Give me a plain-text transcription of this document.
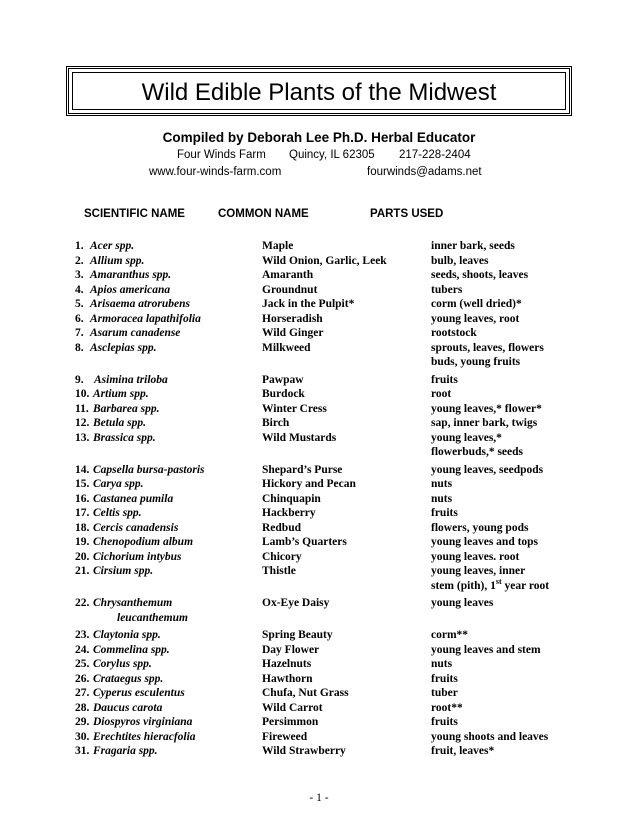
Wild Edible Plants of the Midwest
Compiled by Deborah Lee Ph.D. Herbal Educator
Four Winds Farm Quincy, IL 62305 217-228-2404
www.four-winds-farm.com	fourwinds@adams.net
SCIENTIFIC NAME	COMMON NAME	PARTS USED
1. Acer spp.	Maple	inner bark, seeds
2. Allium spp.	Wild Onion, Garlic, Leek	bulb, leaves
3. Amaranthus spp.	Amaranth	seeds, shoots, leaves
4. Apios americana	Groundnut	tubers
5. Arisaema atrorubens	Jack in the Pulpit*	corm (well dried)*
6. Armoracea lapathifolia	Horseradish	young leaves, root
7. Asarum canadense	Wild Ginger	rootstock
8. Asclepias spp.	Milkweed	sprouts, leaves, flowers
buds, young fruits
9. Asimina triloba	Pawpaw	fruits
10. Artium spp.	Burdock	root
11. Barbarea spp.	Winter Cress	young leaves,* flower*
12. Betula spp.	Birch	sap, inner bark, twigs
13. Brassica spp.	Wild Mustards	young leaves,*
flowerbuds,* seeds
14. Capsella bursa-pastoris	Shepard’s Purse	young leaves, seedpods
15. Carya spp.	Hickory and Pecan	nuts
16. Castanea pumila	Chinquapin	nuts
17. Celtis spp.	Hackberry	fruits
18. Cercis canadensis	Redbud	flowers, young pods
19. Chenopodium album	Lamb’s Quarters	young leaves and tops
20. Cichorium intybus	Chicory	young leaves. root
21. Cirsium spp.	Thistle	young leaves, inner
stem (pith), 1st year root
22. Chrysanthemum	Ox-Eye Daisy	young leaves
leucanthemum
23. Claytonia spp.	Spring Beauty	corm**
24. Commelina spp.	Day Flower	young leaves and stem
25. Corylus spp.	Hazelnuts	nuts
26. Crataegus spp.	Hawthorn	fruits
27. Cyperus esculentus	Chufa, Nut Grass	tuber
28. Daucus carota	Wild Carrot	root**
29. Diospyros virginiana	Persimmon	fruits
30. Erechtites hieracfolia	Fireweed	young shoots and leaves
31. Fragaria spp.	Wild Strawberry	fruit, leaves*
- 1 -
